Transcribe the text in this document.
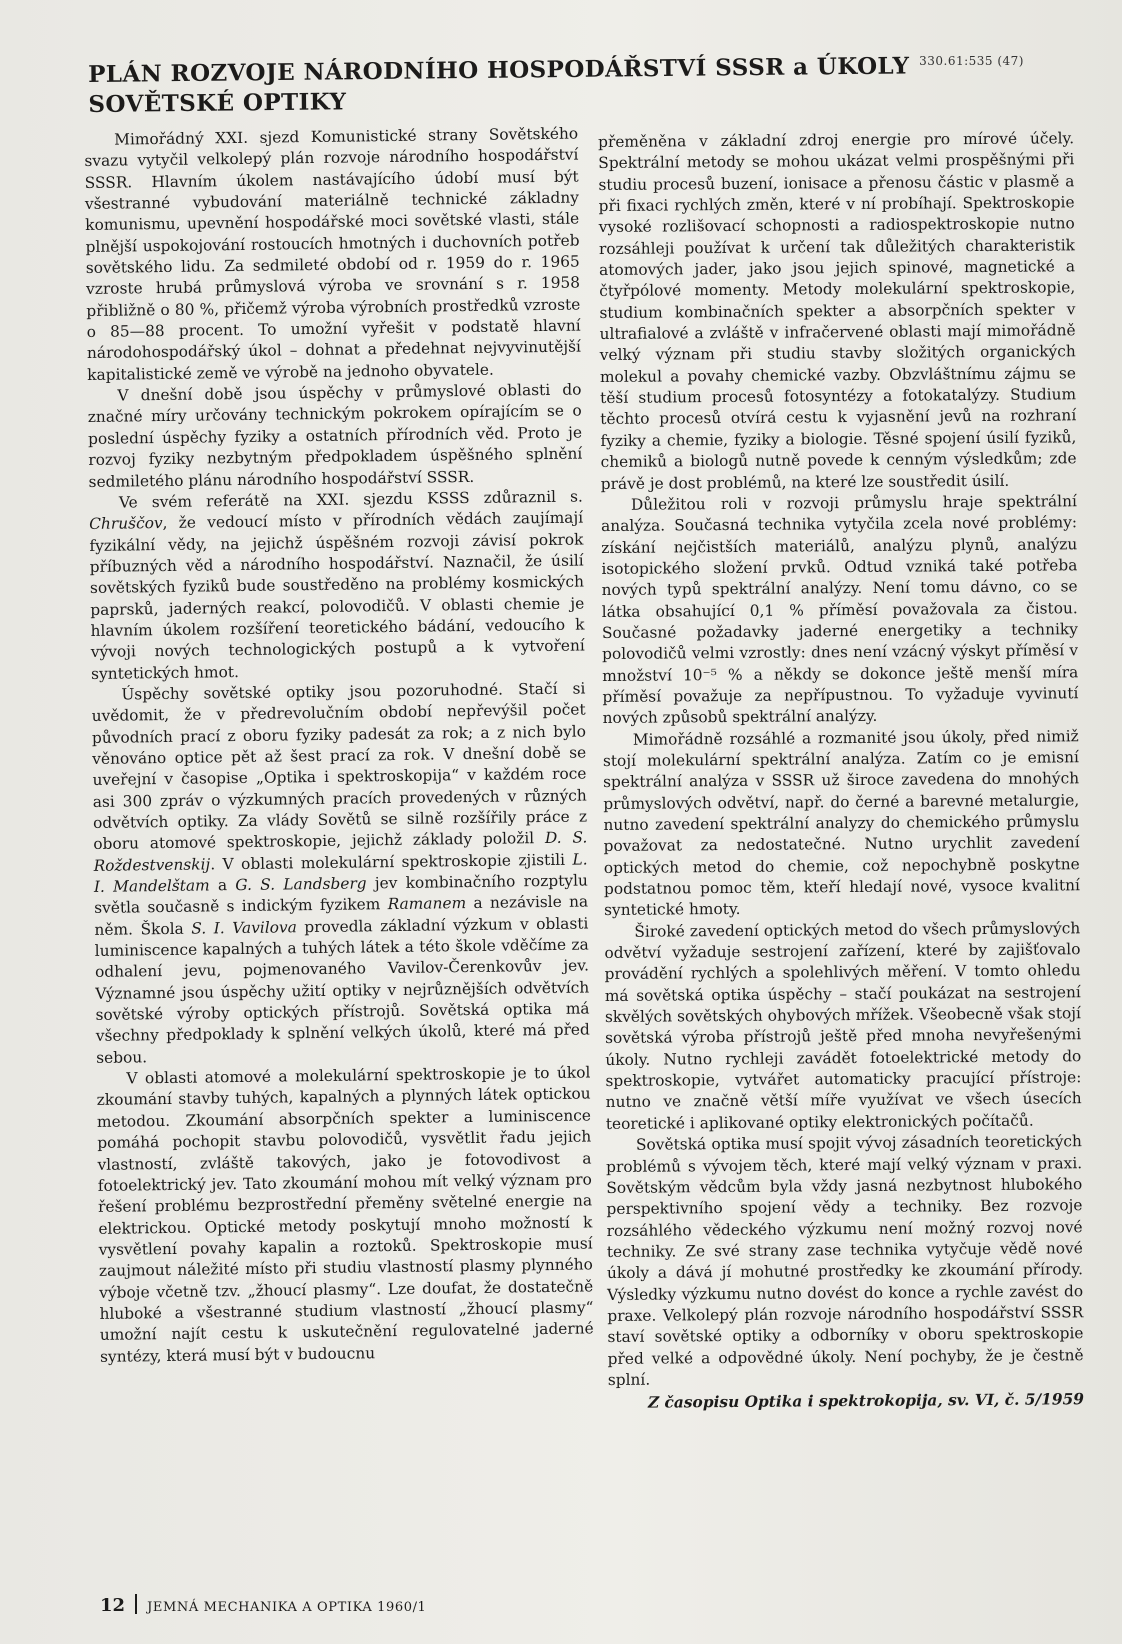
330.61:535 (47)
PLÁN ROZVOJE NÁRODNÍHO HOSPODÁŘSTVÍ SSSR a ÚKOLY
SOVĚTSKÉ OPTIKY

Mimořádný XXI. sjezd Komunistické strany Sovětského svazu vytyčil velkolepý plán rozvoje národního hospodářství SSSR. Hlavním úkolem nastávajícího údobí musí být všestranné vybudování materiálně technické základny komunismu, upevnění hospodářské moci sovětské vlasti, stále plnější uspokojování rostoucích hmotných i duchovních potřeb sovětského lidu. Za sedmileté období od r. 1959 do r. 1965 vzroste hrubá průmyslová výroba ve srovnání s r. 1958 přibližně o 80 %, přičemž výroba výrobních prostředků vzroste o 85—88 procent. To umožní vyřešit v podstatě hlavní národohospodářský úkol – dohnat a předehnat nejvyvinutější kapitalistické země ve výrobě na jednoho obyvatele.

V dnešní době jsou úspěchy v průmyslové oblasti do značné míry určovány technickým pokrokem opírajícím se o poslední úspěchy fyziky a ostatních přírodních věd. Proto je rozvoj fyziky nezbytným předpokladem úspěšného splnění sedmiletého plánu národního hospodářství SSSR.

Ve svém referátě na XXI. sjezdu KSSS zdůraznil s. Chruščov, že vedoucí místo v přírodních vědách zaujímají fyzikální vědy, na jejichž úspěšném rozvoji závisí pokrok příbuzných věd a národního hospodářství. Naznačil, že úsilí sovětských fyziků bude soustředěno na problémy kosmických paprsků, jaderných reakcí, polovodičů. V oblasti chemie je hlavním úkolem rozšíření teoretického bádání, vedoucího k vývoji nových technologických postupů a k vytvoření syntetických hmot.

Úspěchy sovětské optiky jsou pozoruhodné. Stačí si uvědomit, že v předrevolučním období nepřevýšil počet původních prací z oboru fyziky padesát za rok; a z nich bylo věnováno optice pět až šest prací za rok. V dnešní době se uveřejní v časopise „Optika i spektroskopija“ v každém roce asi 300 zpráv o výzkumných pracích provedených v různých odvětvích optiky. Za vlády Sovětů se silně rozšířily práce z oboru atomové spektroskopie, jejichž základy položil D. S. Roždestvenskij. V oblasti molekulární spektroskopie zjistili L. I. Mandelštam a G. S. Landsberg jev kombinačního rozptylu světla současně s indickým fyzikem Ramanem a nezávisle na něm. Škola S. I. Vavilova provedla základní výzkum v oblasti luminiscence kapalných a tuhých látek a této škole vděčíme za odhalení jevu, pojmenovaného Vavilov-Čerenkovův jev. Významné jsou úspěchy užití optiky v nejrůznějších odvětvích sovětské výroby optických přístrojů. Sovětská optika má všechny předpoklady k splnění velkých úkolů, které má před sebou.

V oblasti atomové a molekulární spektroskopie je to úkol zkoumání stavby tuhých, kapalných a plynných látek optickou metodou. Zkoumání absorpčních spekter a luminiscence pomáhá pochopit stavbu polovodičů, vysvětlit řadu jejich vlastností, zvláště takových, jako je fotovodivost a fotoelektrický jev. Tato zkoumání mohou mít velký význam pro řešení problému bezprostřední přeměny světelné energie na elektrickou. Optické metody poskytují mnoho možností k vysvětlení povahy kapalin a roztoků. Spektroskopie musí zaujmout náležité místo při studiu vlastností plasmy plynného výboje včetně tzv. „žhoucí plasmy“. Lze doufat, že dostatečně hluboké a všestranné studium vlastností „žhoucí plasmy“ umožní najít cestu k uskutečnění regulovatelné jaderné syntézy, která musí být v budoucnu

přeměněna v základní zdroj energie pro mírové účely. Spektrální metody se mohou ukázat velmi prospěšnými při studiu procesů buzení, ionisace a přenosu částic v plasmě a při fixaci rychlých změn, které v ní probíhají. Spektroskopie vysoké rozlišovací schopnosti a radiospektroskopie nutno rozsáhleji používat k určení tak důležitých charakteristik atomových jader, jako jsou jejich spinové, magnetické a čtyřpólové momenty. Metody molekulární spektroskopie, studium kombinačních spekter a absorpčních spekter v ultrafialové a zvláště v infračervené oblasti mají mimořádně velký význam při studiu stavby složitých organických molekul a povahy chemické vazby. Obzvláštnímu zájmu se těší studium procesů fotosyntézy a fotokatalýzy. Studium těchto procesů otvírá cestu k vyjasnění jevů na rozhraní fyziky a chemie, fyziky a biologie. Těsné spojení úsilí fyziků, chemiků a biologů nutně povede k cenným výsledkům; zde právě je dost problémů, na které lze soustředit úsilí.

Důležitou roli v rozvoji průmyslu hraje spektrální analýza. Současná technika vytyčila zcela nové problémy: získání nejčistších materiálů, analýzu plynů, analýzu isotopického složení prvků. Odtud vzniká také potřeba nových typů spektrální analýzy. Není tomu dávno, co se látka obsahující 0,1 % příměsí považovala za čistou. Současné požadavky jaderné energetiky a techniky polovodičů velmi vzrostly: dnes není vzácný výskyt příměsí v množství 10⁻⁵ % a někdy se dokonce ještě menší míra příměsí považuje za nepřípustnou. To vyžaduje vyvinutí nových způsobů spektrální analýzy.

Mimořádně rozsáhlé a rozmanité jsou úkoly, před nimiž stojí molekulární spektrální analýza. Zatím co je emisní spektrální analýza v SSSR už široce zavedena do mnohých průmyslových odvětví, např. do černé a barevné metalurgie, nutno zavedení spektrální analyzy do chemického průmyslu považovat za nedostatečné. Nutno urychlit zavedení optických metod do chemie, což nepochybně poskytne podstatnou pomoc těm, kteří hledají nové, vysoce kvalitní syntetické hmoty.

Široké zavedení optických metod do všech průmyslových odvětví vyžaduje sestrojení zařízení, které by zajišťovalo provádění rychlých a spolehlivých měření. V tomto ohledu má sovětská optika úspěchy – stačí poukázat na sestrojení skvělých sovětských ohybových mřížek. Všeobecně však stojí sovětská výroba přístrojů ještě před mnoha nevyřešenými úkoly. Nutno rychleji zavádět fotoelektrické metody do spektroskopie, vytvářet automaticky pracující přístroje: nutno ve značně větší míře využívat ve všech úsecích teoretické i aplikované optiky elektronických počítačů.

Sovětská optika musí spojit vývoj zásadních teoretických problémů s vývojem těch, které mají velký význam v praxi. Sovětským vědcům byla vždy jasná nezbytnost hlubokého perspektivního spojení vědy a techniky. Bez rozvoje rozsáhlého vědeckého výzkumu není možný rozvoj nové techniky. Ze své strany zase technika vytyčuje vědě nové úkoly a dává jí mohutné prostředky ke zkoumání přírody. Výsledky výzkumu nutno dovést do konce a rychle zavést do praxe. Velkolepý plán rozvoje národního hospodářství SSSR staví sovětské optiky a odborníky v oboru spektroskopie před velké a odpovědné úkoly. Není pochyby, že je čestně splní.

Z časopisu Optika i spektrokopija, sv. VI, č. 5/1959
12 JEMNÁ MECHANIKA A OPTIKA 1960/1
